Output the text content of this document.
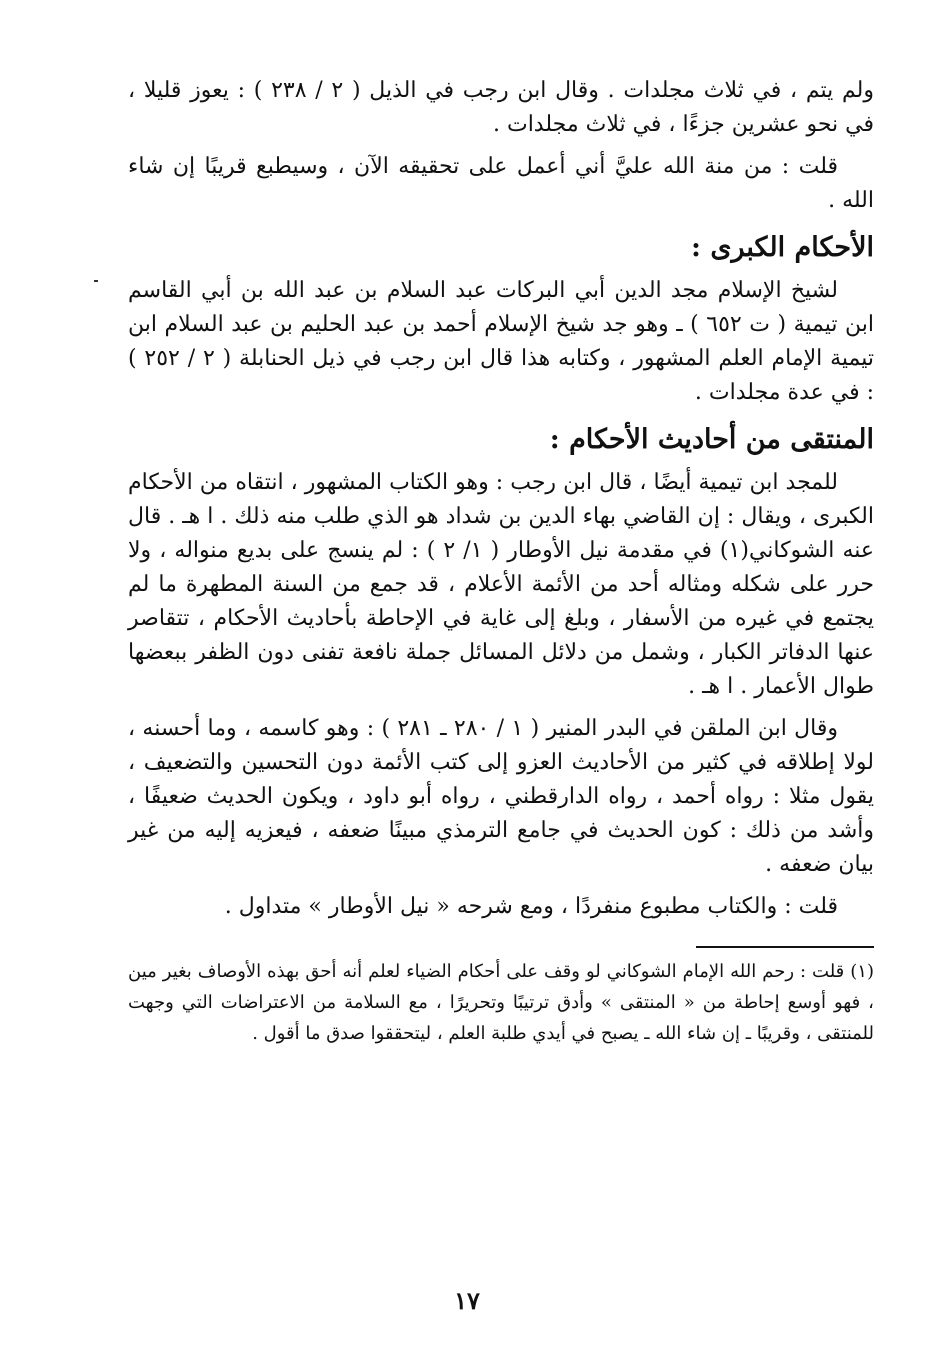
ولم يتم ، في ثلاث مجلدات . وقال ابن رجب في الذيل ( ٢ / ٢٣٨ ) : يعوز قليلا ، في نحو عشرين جزءًا ، في ثلاث مجلدات .

قلت : من منة الله عليَّ أني أعمل على تحقيقه الآن ، وسيطبع قريبًا إن شاء الله .

الأحكام الكبرى :

لشيخ الإسلام مجد الدين أبي البركات عبد السلام بن عبد الله بن أبي القاسم ابن تيمية ( ت ٦٥٢ ) ـ وهو جد شيخ الإسلام أحمد بن عبد الحليم بن عبد السلام ابن تيمية الإمام العلم المشهور ، وكتابه هذا قال ابن رجب في ذيل الحنابلة ( ٢ / ٢٥٢ ) : في عدة مجلدات .

المنتقى من أحاديث الأحكام :

للمجد ابن تيمية أيضًا ، قال ابن رجب : وهو الكتاب المشهور ، انتقاه من الأحكام الكبرى ، ويقال : إن القاضي بهاء الدين بن شداد هو الذي طلب منه ذلك . ا هـ . قال عنه الشوكاني(١) في مقدمة نيل الأوطار ( ١/ ٢ ) : لم ينسج على بديع منواله ، ولا حرر على شكله ومثاله أحد من الأئمة الأعلام ، قد جمع من السنة المطهرة ما لم يجتمع في غيره من الأسفار ، وبلغ إلى غاية في الإحاطة بأحاديث الأحكام ، تتقاصر عنها الدفاتر الكبار ، وشمل من دلائل المسائل جملة نافعة تفنى دون الظفر ببعضها طوال الأعمار . ا هـ .

وقال ابن الملقن في البدر المنير ( ١ / ٢٨٠ ـ ٢٨١ ) : وهو كاسمه ، وما أحسنه ، لولا إطلاقه في كثير من الأحاديث العزو إلى كتب الأئمة دون التحسين والتضعيف ، يقول مثلا : رواه أحمد ، رواه الدارقطني ، رواه أبو داود ، ويكون الحديث ضعيفًا ، وأشد من ذلك : كون الحديث في جامع الترمذي مبينًا ضعفه ، فيعزيه إليه من غير بيان ضعفه .

قلت : والكتاب مطبوع منفردًا ، ومع شرحه « نيل الأوطار » متداول .

(١) قلت : رحم الله الإمام الشوكاني لو وقف على أحكام الضياء لعلم أنه أحق بهذه الأوصاف بغير مين ، فهو أوسع إحاطة من « المنتقى » وأدق ترتيبًا وتحريرًا ، مع السلامة من الاعتراضات التي وجهت للمنتقى ، وقريبًا ـ إن شاء الله ـ يصبح في أيدي طلبة العلم ، ليتحققوا صدق ما أقول .

١٧
